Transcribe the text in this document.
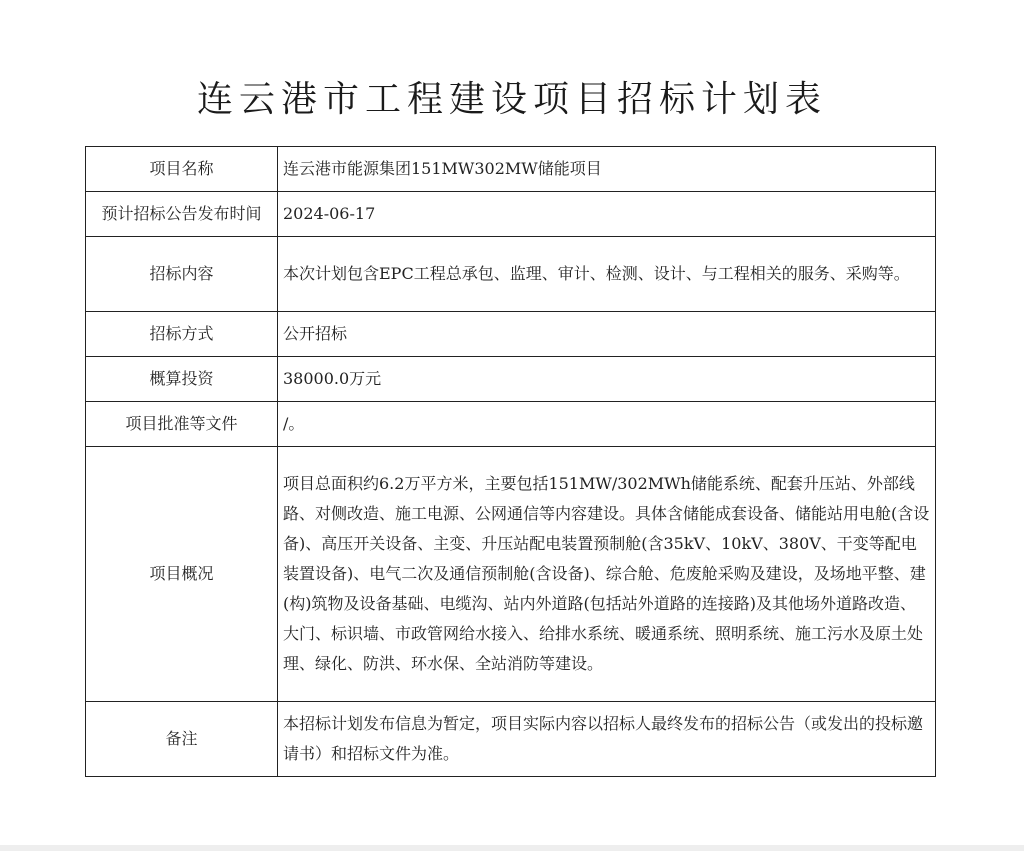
连云港市工程建设项目招标计划表
项目名称	连云港市能源集团151MW302MW储能项目
预计招标公告发布时间	2024-06-17
招标内容	本次计划包含EPC工程总承包、监理、审计、检测、设计、与工程相关的服务、采购等。
招标方式	公开招标
概算投资	38000.0万元
项目批准等文件	/。
项目概况	项目总面积约6.2万平方米，主要包括151MW/302MWh储能系统、配套升压站、外部线路、对侧改造、施工电源、公网通信等内容建设。具体含储能成套设备、储能站用电舱(含设备)、高压开关设备、主变、升压站配电装置预制舱(含35kV、10kV、380V、干变等配电装置设备)、电气二次及通信预制舱(含设备)、综合舱、危废舱采购及建设，及场地平整、建(构)筑物及设备基础、电缆沟、站内外道路(包括站外道路的连接路)及其他场外道路改造、大门、标识墙、市政管网给水接入、给排水系统、暖通系统、照明系统、施工污水及原土处理、绿化、防洪、环水保、全站消防等建设。
备注	本招标计划发布信息为暂定，项目实际内容以招标人最终发布的招标公告（或发出的投标邀请书）和招标文件为准。
